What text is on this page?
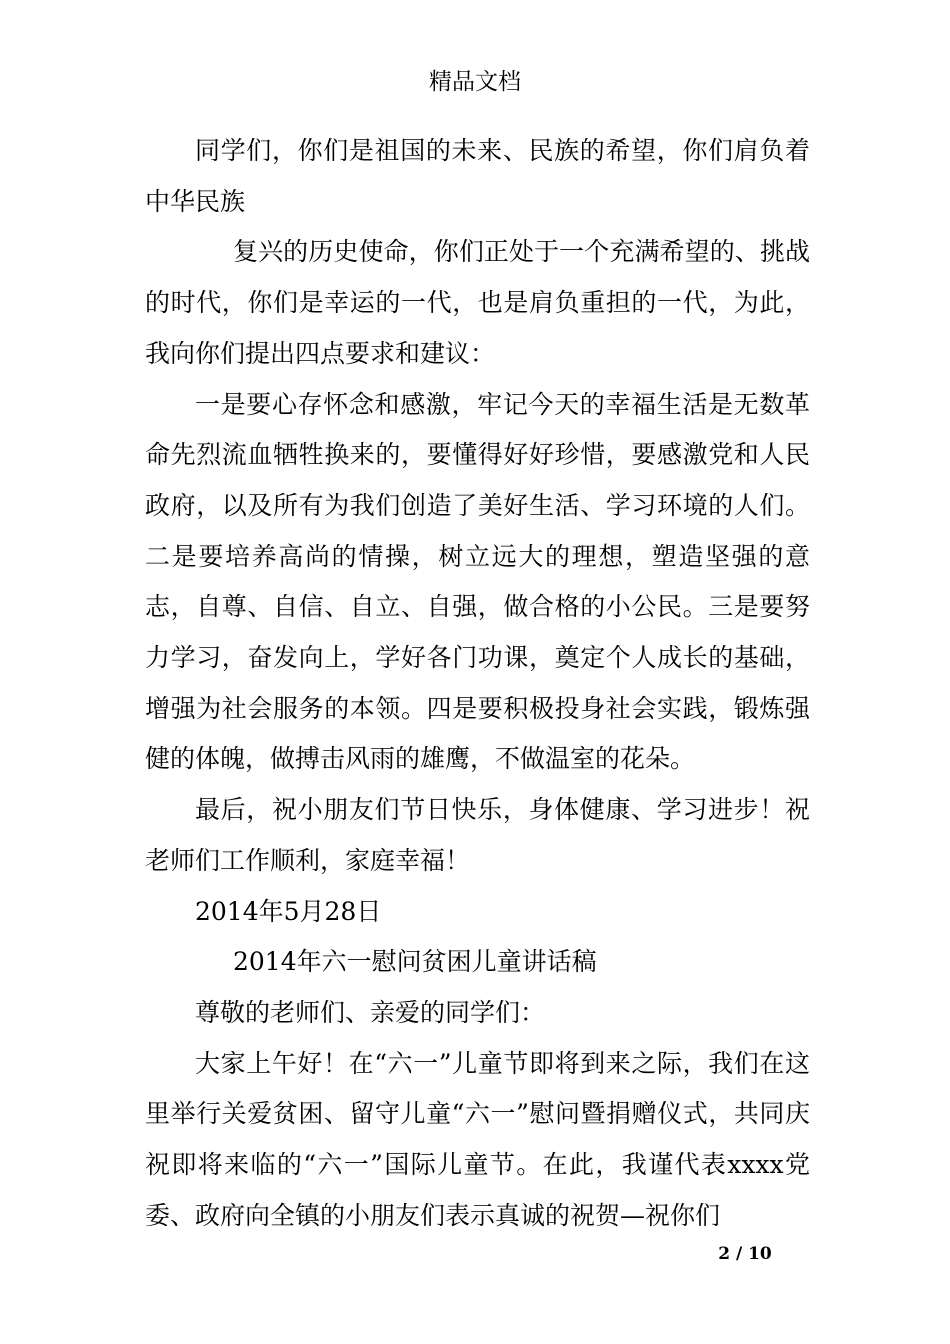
精品文档

同学们，你们是祖国的未来、民族的希望，你们肩负着中华民族

复兴的历史使命，你们正处于一个充满希望的、挑战的时代，你们是幸运的一代，也是肩负重担的一代，为此，我向你们提出四点要求和建议：

一是要心存怀念和感激，牢记今天的幸福生活是无数革命先烈流血牺牲换来的，要懂得好好珍惜，要感激党和人民政府，以及所有为我们创造了美好生活、学习环境的人们。二是要培养高尚的情操，树立远大的理想，塑造坚强的意志，自尊、自信、自立、自强，做合格的小公民。三是要努力学习，奋发向上，学好各门功课，奠定个人成长的基础，增强为社会服务的本领。四是要积极投身社会实践，锻炼强健的体魄，做搏击风雨的雄鹰，不做温室的花朵。

最后，祝小朋友们节日快乐，身体健康、学习进步！祝老师们工作顺利，家庭幸福！

2014年5月28日

2014年六一慰问贫困儿童讲话稿

尊敬的老师们、亲爱的同学们：

大家上午好！在“六一”儿童节即将到来之际，我们在这里举行关爱贫困、留守儿童“六一”慰问暨捐赠仪式，共同庆祝即将来临的“六一”国际儿童节。在此，我谨代表xxxx党委、政府向全镇的小朋友们表示真诚的祝贺—祝你们

2 / 10
